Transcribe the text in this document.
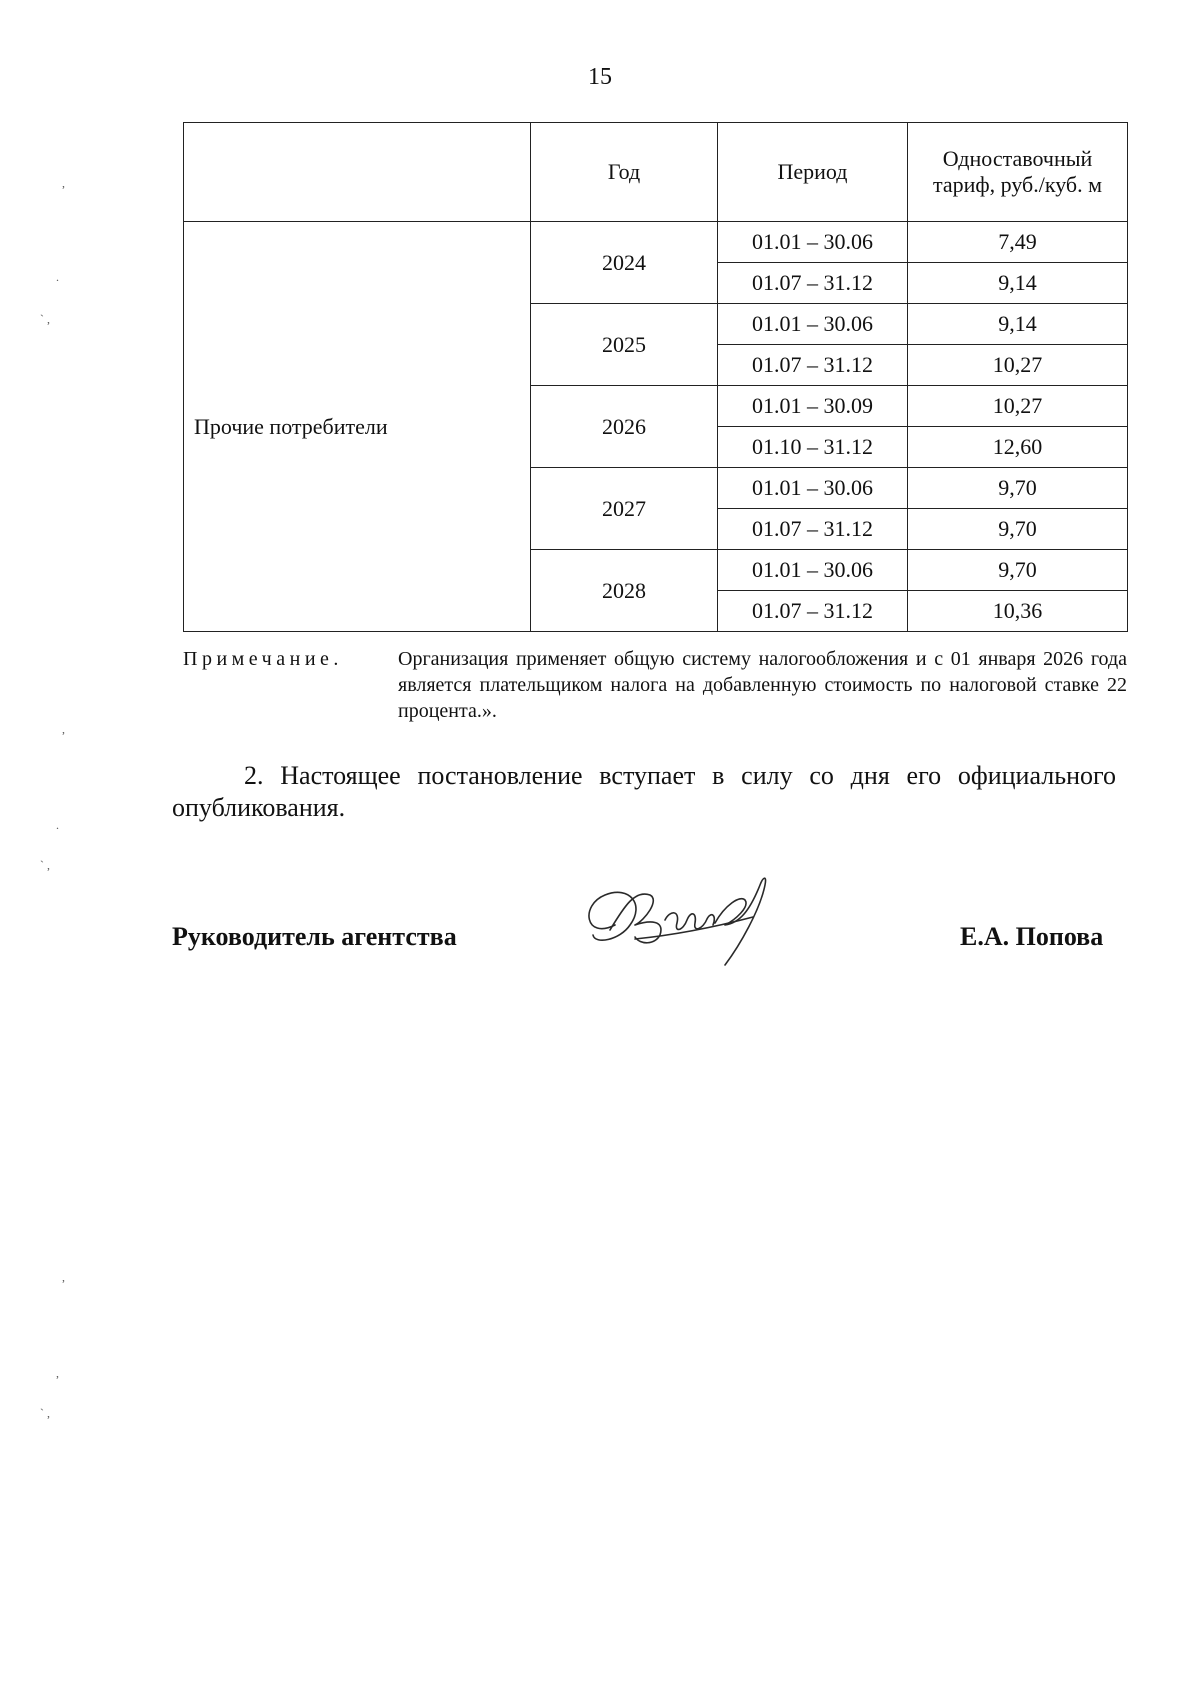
15
	Год	Период	Одноставочный тариф, руб./куб. м
Прочие потребители	2024	01.01 – 30.06	7,49
		01.07 – 31.12	9,14
	2025	01.01 – 30.06	9,14
		01.07 – 31.12	10,27
	2026	01.01 – 30.09	10,27
		01.10 – 31.12	12,60
	2027	01.01 – 30.06	9,70
		01.07 – 31.12	9,70
	2028	01.01 – 30.06	9,70
		01.07 – 31.12	10,36
Примечание.	Организация применяет общую систему налогообложения и с 01 января 2026 года является плательщиком налога на добавленную стоимость по налоговой ставке 22 процента.».
2. Настоящее постановление вступает в силу со дня его официального опубликования.
Руководитель агентства	Е.А. Попова
,
.
` ,
,
.
` ,
,
,
` ,
